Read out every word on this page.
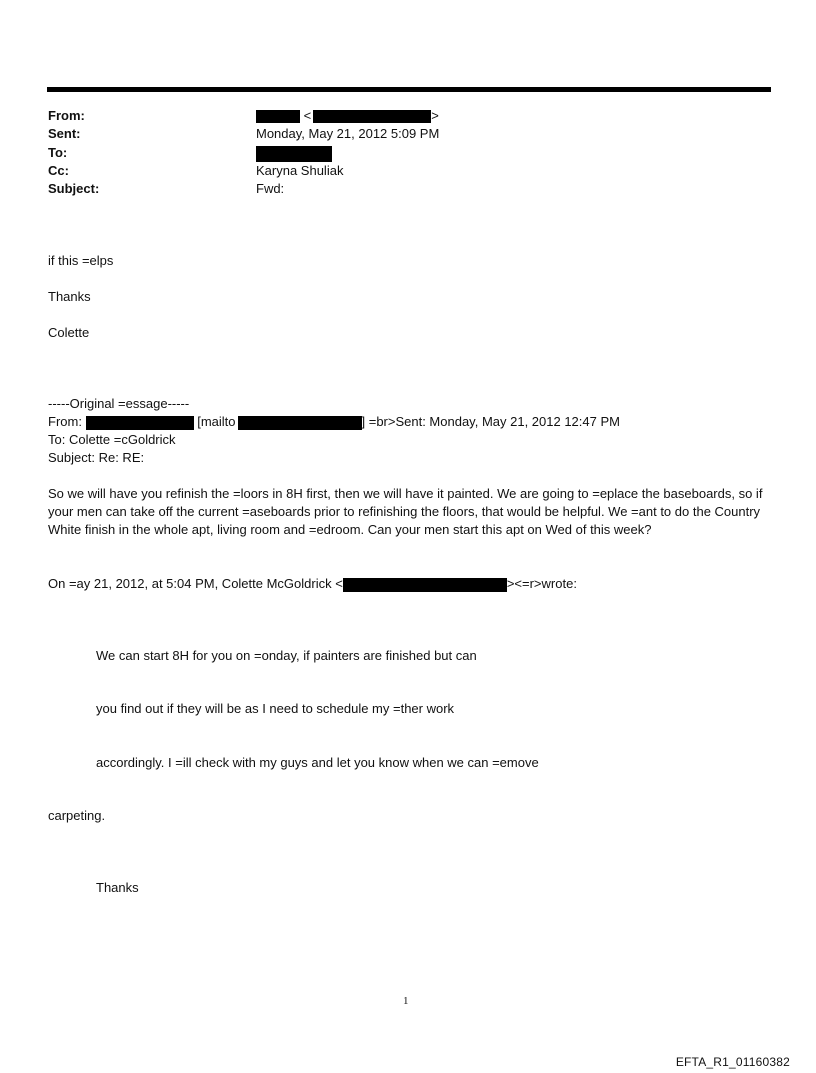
From:	<	>
Sent:	Monday, May 21, 2012 5:09 PM
To:
Cc:	Karyna Shuliak
Subject:	Fwd:
if this =elps
Thanks
Colette
-----Original =essage-----
From:	[mailto	] =br>Sent: Monday, May 21, 2012 12:47 PM
To: Colette =cGoldrick
Subject: Re: RE:
So we will have you refinish the =loors in 8H first, then we will have it painted. We are going to =eplace the baseboards, so if your men can take off the current =aseboards prior to refinishing the floors, that would be helpful. We =ant to do the Country White finish in the whole apt, living room and =edroom. Can your men start this apt on Wed of this week?
On =ay 21, 2012, at 5:04 PM, Colette McGoldrick <	><=r>wrote:
We can start 8H for you on =onday, if painters are finished but can
you find out if they will be as I need to schedule my =ther work
accordingly. I =ill check with my guys and let you know when we can =emove
carpeting.
Thanks
1
EFTA_R1_01160382
